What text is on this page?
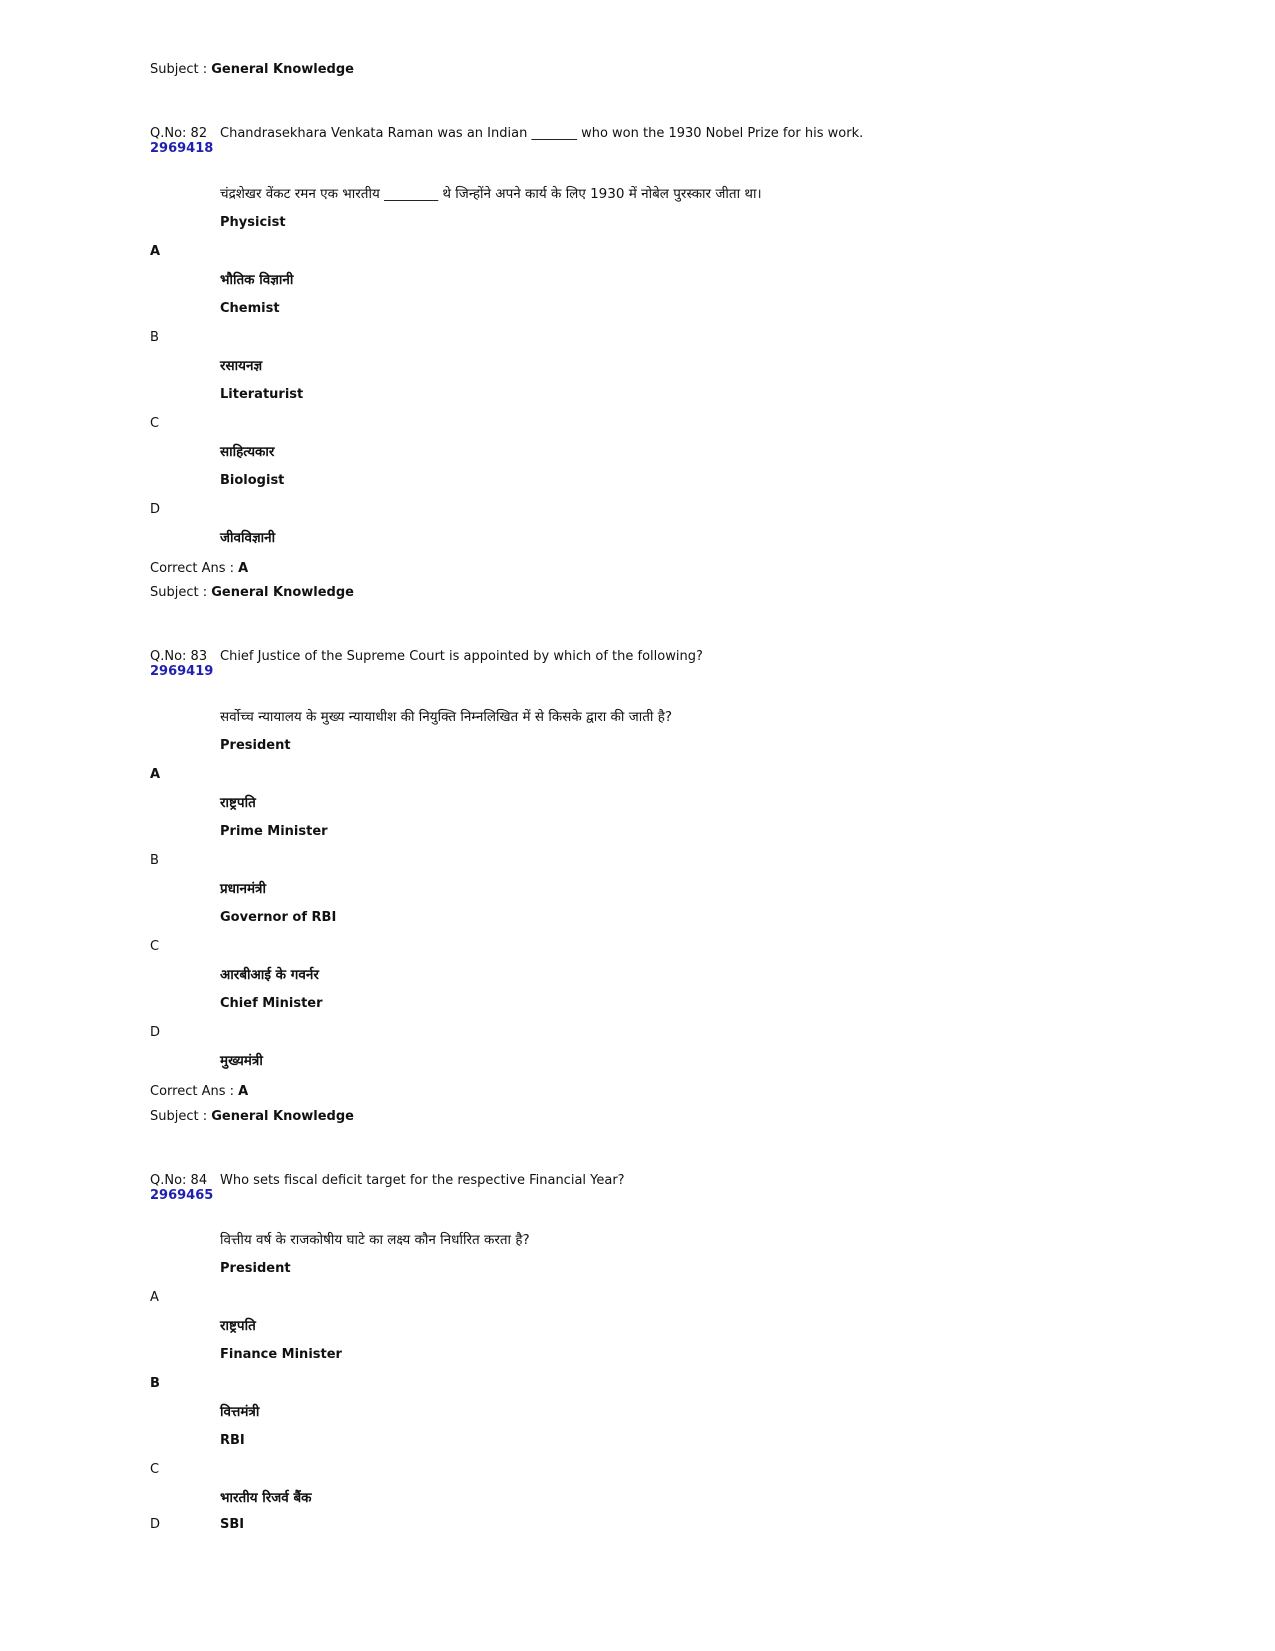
Subject : General Knowledge
Q.No: 82
2969418
Chandrasekhara Venkata Raman was an Indian _______ who won the 1930 Nobel Prize for his work.
चंद्रशेखर वेंकट रमन एक भारतीय ________ थे जिन्होंने अपने कार्य के लिए 1930 में नोबेल पुरस्कार जीता था।
Physicist
A
भौतिक विज्ञानी
Chemist
B
रसायनज्ञ
Literaturist
C
साहित्यकार
Biologist
D
जीवविज्ञानी
Correct Ans : A
Subject : General Knowledge
Q.No: 83
2969419
Chief Justice of the Supreme Court is appointed by which of the following?
सर्वोच्च न्यायालय के मुख्य न्यायाधीश की नियुक्ति निम्नलिखित में से किसके द्वारा की जाती है?
President
A
राष्ट्रपति
Prime Minister
B
प्रधानमंत्री
Governor of RBI
C
आरबीआई के गवर्नर
Chief Minister
D
मुख्यमंत्री
Correct Ans : A
Subject : General Knowledge
Q.No: 84
2969465
Who sets fiscal deficit target for the respective Financial Year?
वित्तीय वर्ष के राजकोषीय घाटे का लक्ष्य कौन निर्धारित करता है?
President
A
राष्ट्रपति
Finance Minister
B
वित्तमंत्री
RBI
C
भारतीय रिजर्व बैंक
D	SBI
